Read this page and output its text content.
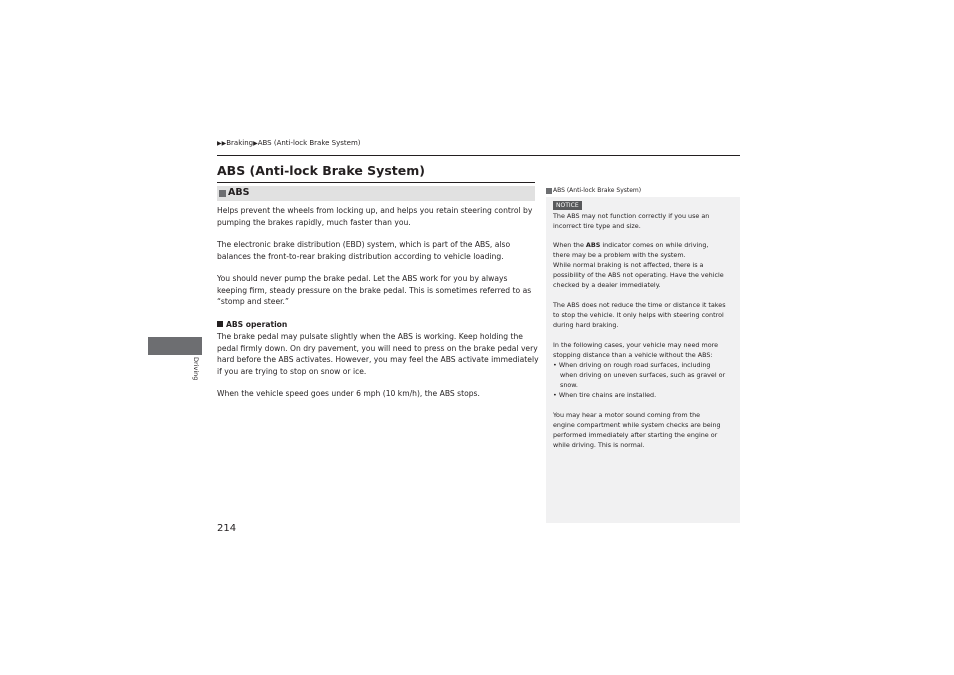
▶▶Braking▶ABS (Anti-lock Brake System)
ABS (Anti-lock Brake System)
ABS
Helps prevent the wheels from locking up, and helps you retain steering control by
pumping the brakes rapidly, much faster than you.
The electronic brake distribution (EBD) system, which is part of the ABS, also
balances the front-to-rear braking distribution according to vehicle loading.
You should never pump the brake pedal. Let the ABS work for you by always
keeping firm, steady pressure on the brake pedal. This is sometimes referred to as
“stomp and steer.”
ABS operation
The brake pedal may pulsate slightly when the ABS is working. Keep holding the
pedal firmly down. On dry pavement, you will need to press on the brake pedal very
hard before the ABS activates. However, you may feel the ABS activate immediately
if you are trying to stop on snow or ice.
When the vehicle speed goes under 6 mph (10 km/h), the ABS stops.
Driving
214
ABS (Anti-lock Brake System)
NOTICE
The ABS may not function correctly if you use an
incorrect tire type and size.
When the ABS indicator comes on while driving,
there may be a problem with the system.
While normal braking is not affected, there is a
possibility of the ABS not operating. Have the vehicle
checked by a dealer immediately.
The ABS does not reduce the time or distance it takes
to stop the vehicle. It only helps with steering control
during hard braking.
In the following cases, your vehicle may need more
stopping distance than a vehicle without the ABS:
• When driving on rough road surfaces, including
when driving on uneven surfaces, such as gravel or
snow.
• When tire chains are installed.
You may hear a motor sound coming from the
engine compartment while system checks are being
performed immediately after starting the engine or
while driving. This is normal.
